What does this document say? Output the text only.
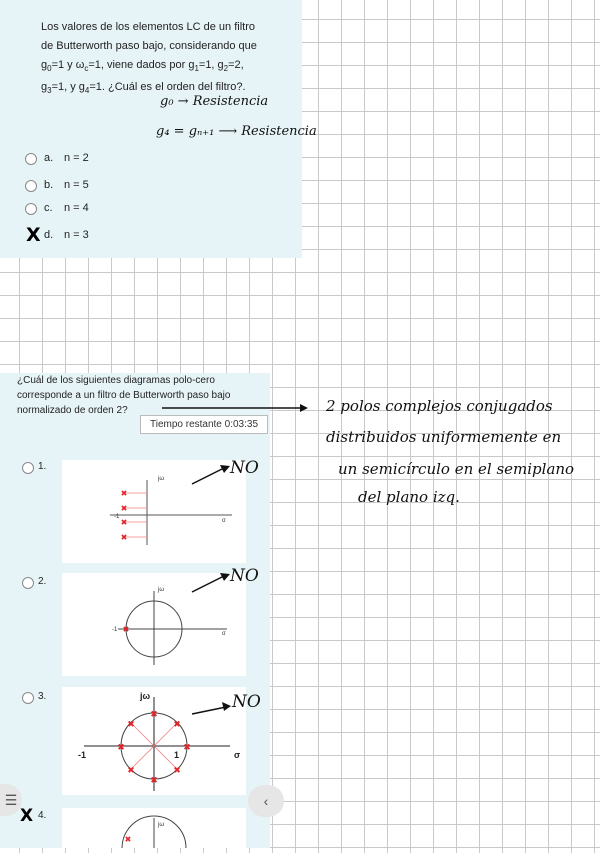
Los valores de los elementos LC de un filtro
de Butterworth paso bajo, considerando que
$g_0=1$ y $\omega_c=1$, viene dados por $g_1=1$, $g_2=2$,
$g_3=1$, y $g_4=1$. ¿Cuál es el orden del filtro?.
a. n = 2
b. n = 5
c. n = 4
X d. n = 3
g₀ → Resistencia
g₄ = gₙ₊₁ ⟶ Resistencia
¿Cuál de los siguientes diagramas polo-cero corresponde a un filtro de Butterworth paso bajo normalizado de orden 2?
Tiempo restante 0:03:35
2 polos complejos conjugados
distribuidos uniformemente en
un semicírculo en el semiplano
del plano izq.
1.
✖
✖
✖
✖
jω
σ
-1
2.
✖
jω
σ
-1
3.
✖	✖
✖
✖
✖	✖
✖	✖
jω
σ
-1	1
X 4.
✖
jω
NO
NO
NO
☰	‹
